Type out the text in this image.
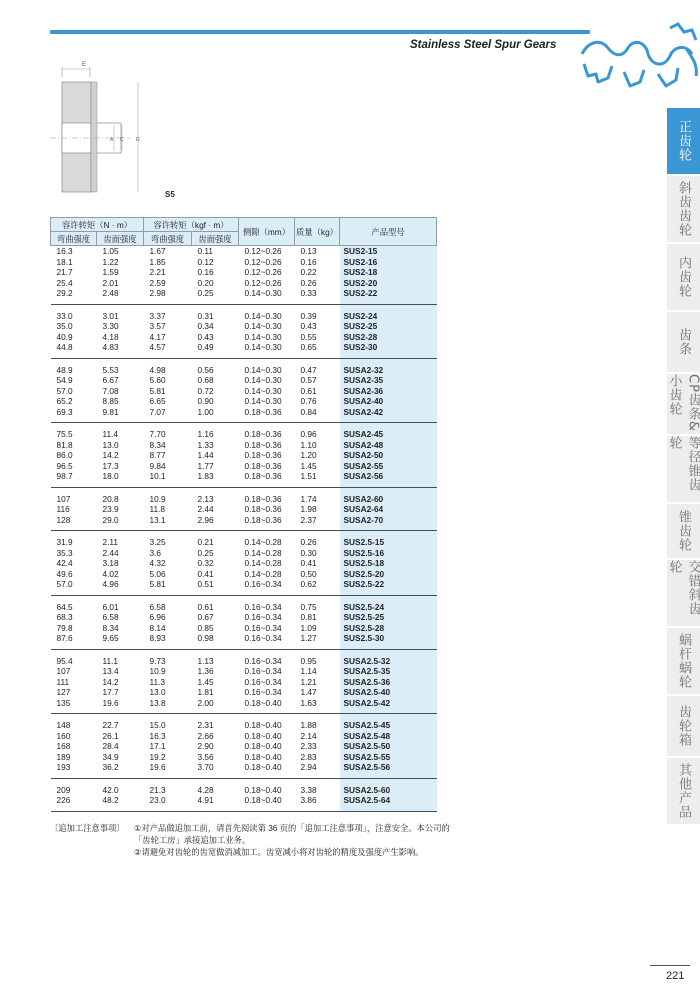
Stainless Steel Spur Gears
E
A C D
S5
容许转矩（N · m）		容许转矩（kgf · m）		侧隙（mm）	质量（kg）	产品型号
弯曲强度	齿面强度	弯曲强度	齿面强度			
16.3	1.05	1.67	0.11	0.12~0.26	0.13	SUS2-15
18.1	1.22	1.85	0.12	0.12~0.26	0.16	SUS2-16
21.7	1.59	2.21	0.16	0.12~0.26	0.22	SUS2-18
25.4	2.01	2.59	0.20	0.12~0.26	0.26	SUS2-20
29.2	2.48	2.98	0.25	0.14~0.30	0.33	SUS2-22
33.0	3.01	3.37	0.31	0.14~0.30	0.39	SUS2-24
35.0	3.30	3.57	0.34	0.14~0.30	0.43	SUS2-25
40.9	4.18	4.17	0.43	0.14~0.30	0.55	SUS2-28
44.8	4.83	4.57	0.49	0.14~0.30	0.65	SUS2-30
48.9	5.53	4.98	0.56	0.14~0.30	0.47	SUSA2-32
54.9	6.67	5.60	0.68	0.14~0.30	0.57	SUSA2-35
57.0	7.08	5.81	0.72	0.14~0.30	0.61	SUSA2-36
65.2	8.85	6.65	0.90	0.14~0.30	0.76	SUSA2-40
69.3	9.81	7.07	1.00	0.18~0.36	0.84	SUSA2-42
75.5	11.4	7.70	1.16	0.18~0.36	0.96	SUSA2-45
81.8	13.0	8.34	1.33	0.18~0.36	1.10	SUSA2-48
86.0	14.2	8.77	1.44	0.18~0.36	1.20	SUSA2-50
96.5	17.3	9.84	1.77	0.18~0.36	1.45	SUSA2-55
98.7	18.0	10.1	1.83	0.18~0.36	1.51	SUSA2-56
107	20.8	10.9	2.13	0.18~0.36	1.74	SUSA2-60
116	23.9	11.8	2.44	0.18~0.36	1.98	SUSA2-64
128	29.0	13.1	2.96	0.18~0.36	2.37	SUSA2-70
31.9	2.11	3.25	0.21	0.14~0.28	0.26	SUS2.5-15
35.3	2.44	3.6	0.25	0.14~0.28	0.30	SUS2.5-16
42.4	3.18	4.32	0.32	0.14~0.28	0.41	SUS2.5-18
49.6	4.02	5.06	0.41	0.14~0.28	0.50	SUS2.5-20
57.0	4.96	5.81	0.51	0.16~0.34	0.62	SUS2.5-22
64.5	6.01	6.58	0.61	0.16~0.34	0.75	SUS2.5-24
68.3	6.58	6.96	0.67	0.16~0.34	0.81	SUS2.5-25
79.8	8.34	8.14	0.85	0.16~0.34	1.09	SUS2.5-28
87.6	9.65	8.93	0.98	0.16~0.34	1.27	SUS2.5-30
95.4	11.1	9.73	1.13	0.16~0.34	0.95	SUSA2.5-32
107	13.4	10.9	1.36	0.16~0.34	1.14	SUSA2.5-35
111	14.2	11.3	1.45	0.16~0.34	1.21	SUSA2.5-36
127	17.7	13.0	1.81	0.16~0.34	1.47	SUSA2.5-40
135	19.6	13.8	2.00	0.18~0.40	1.63	SUSA2.5-42
148	22.7	15.0	2.31	0.18~0.40	1.88	SUSA2.5-45
160	26.1	16.3	2.66	0.18~0.40	2.14	SUSA2.5-48
168	28.4	17.1	2.90	0.18~0.40	2.33	SUSA2.5-50
189	34.9	19.2	3.56	0.18~0.40	2.83	SUSA2.5-55
193	36.2	19.6	3.70	0.18~0.40	2.94	SUSA2.5-56
209	42.0	21.3	4.28	0.18~0.40	3.38	SUSA2.5-60
226	48.2	23.0	4.91	0.18~0.40	3.86	SUSA2.5-64
〔追加工注意事项〕 ①对产品做追加工前，请首先阅读第 36 页的「追加工注意事项」，注意安全。本公司的「齿轮工房」承接追加工业务。
②请避免对齿轮的齿宽做消减加工。齿宽减小将对齿轮的精度及强度产生影响。
正齿轮
斜齿齿轮
内齿轮
齿条
CP齿条&小齿轮
等径锥齿轮
锥齿轮
交错斜齿轮
蜗杆蜗轮
齿轮箱
其他产品
221
